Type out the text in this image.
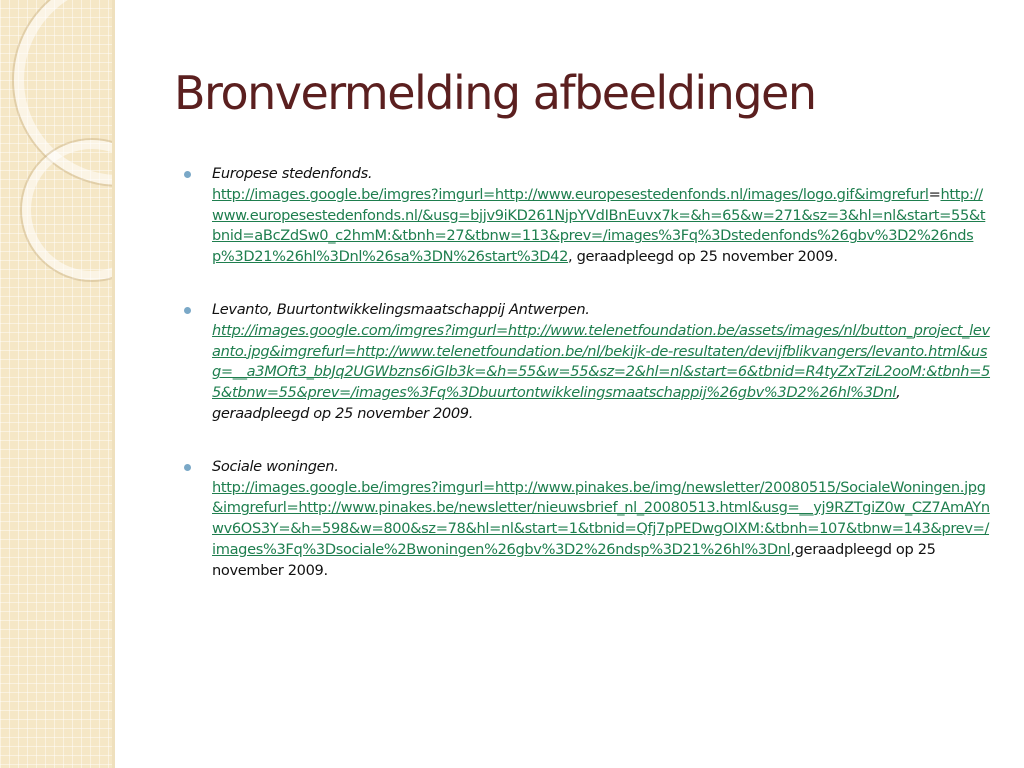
Bronvermelding afbeeldingen

Europese stedenfonds.
http://images.google.be/imgres?imgurl=http://www.europesestedenfonds.nl/images/logo.gif&imgrefurl=http://www.europesestedenfonds.nl/&usg=bjjv9iKD261NjpYVdIBnEuvx7k=&h=65&w=271&sz=3&hl=nl&start=55&tbnid=aBcZdSw0_c2hmM:&tbnh=27&tbnw=113&prev=/images%3Fq%3Dstedenfonds%26gbv%3D2%26ndsp%3D21%26hl%3Dnl%26sa%3DN%26start%3D42, geraadpleegd op 25 november 2009.

Levanto, Buurtontwikkelingsmaatschappij Antwerpen.
http://images.google.com/imgres?imgurl=http://www.telenetfoundation.be/assets/images/nl/button_project_levanto.jpg&imgrefurl=http://www.telenetfoundation.be/nl/bekijk-de-resultaten/devijfblikvangers/levanto.html&usg=__a3MOft3_bbJq2UGWbzns6iGlb3k=&h=55&w=55&sz=2&hl=nl&start=6&tbnid=R4tyZxTziL2ooM:&tbnh=55&tbnw=55&prev=/images%3Fq%3Dbuurtontwikkelingsmaatschappij%26gbv%3D2%26hl%3Dnl, geraadpleegd op 25 november 2009.

Sociale woningen.
http://images.google.be/imgres?imgurl=http://www.pinakes.be/img/newsletter/20080515/SocialeWoningen.jpg&imgrefurl=http://www.pinakes.be/newsletter/nieuwsbrief_nl_20080513.html&usg=__yj9RZTgiZ0w_CZ7AmAYnwv6OS3Y=&h=598&w=800&sz=78&hl=nl&start=1&tbnid=Qfj7pPEDwgOIXM:&tbnh=107&tbnw=143&prev=/images%3Fq%3Dsociale%2Bwoningen%26gbv%3D2%26ndsp%3D21%26hl%3Dnl,geraadpleegd op 25 november 2009.
